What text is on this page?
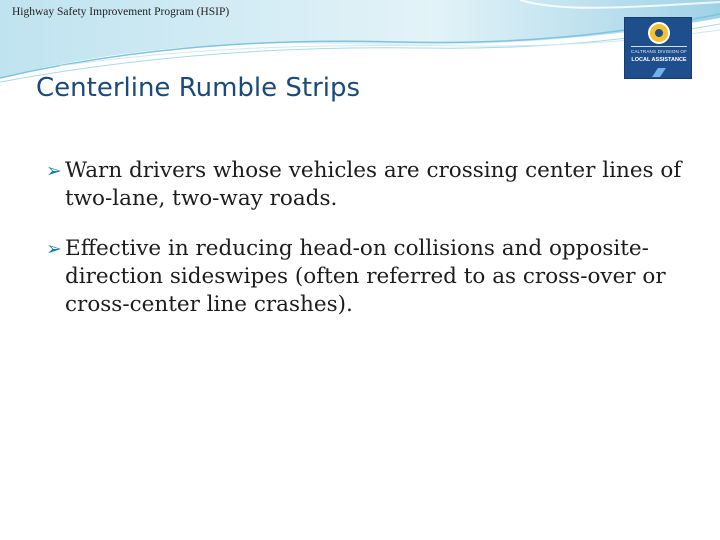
Highway Safety Improvement Program (HSIP)
CALTRANS DIVISION OF
LOCAL ASSISTANCE
Centerline Rumble Strips
➢ Warn drivers whose vehicles are crossing center lines of two-lane, two-way roads.
➢ Effective in reducing head-on collisions and opposite-direction sideswipes (often referred to as cross-over or cross-center line crashes).
